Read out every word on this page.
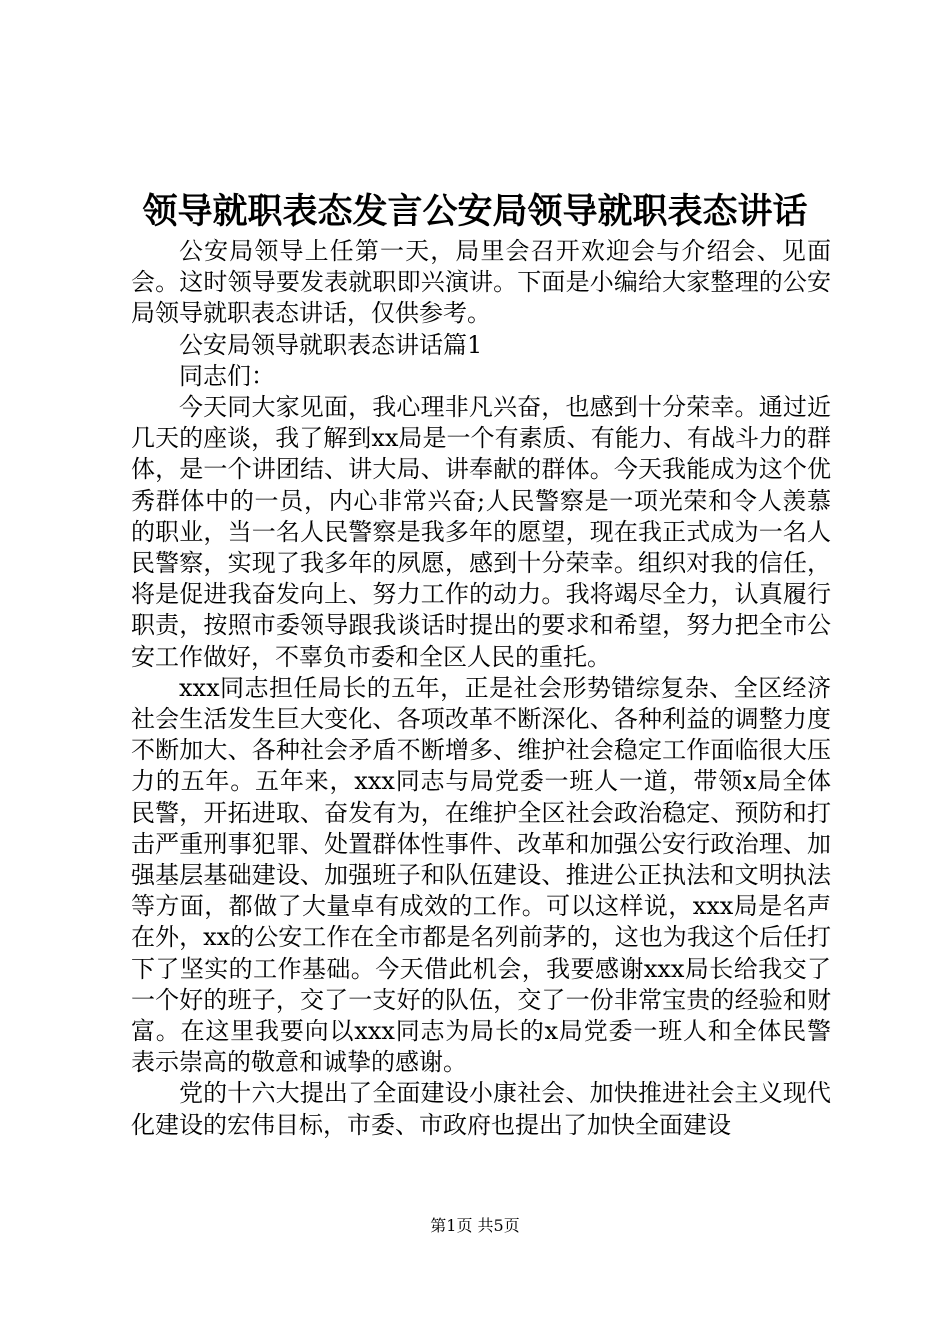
领导就职表态发言公安局领导就职表态讲话

公安局领导上任第一天，局里会召开欢迎会与介绍会、见面会。这时领导要发表就职即兴演讲。下面是小编给大家整理的公安局领导就职表态讲话，仅供参考。

公安局领导就职表态讲话篇1

同志们：

今天同大家见面，我心理非凡兴奋，也感到十分荣幸。通过近几天的座谈，我了解到xx局是一个有素质、有能力、有战斗力的群体，是一个讲团结、讲大局、讲奉献的群体。今天我能成为这个优秀群体中的一员，内心非常兴奋;人民警察是一项光荣和令人羡慕的职业，当一名人民警察是我多年的愿望，现在我正式成为一名人民警察，实现了我多年的夙愿，感到十分荣幸。组织对我的信任，将是促进我奋发向上、努力工作的动力。我将竭尽全力，认真履行职责，按照市委领导跟我谈话时提出的要求和希望，努力把全市公安工作做好，不辜负市委和全区人民的重托。

xxx同志担任局长的五年，正是社会形势错综复杂、全区经济社会生活发生巨大变化、各项改革不断深化、各种利益的调整力度不断加大、各种社会矛盾不断增多、维护社会稳定工作面临很大压力的五年。五年来，xxx同志与局党委一班人一道，带领x局全体民警，开拓进取、奋发有为，在维护全区社会政治稳定、预防和打击严重刑事犯罪、处置群体性事件、改革和加强公安行政治理、加强基层基础建设、加强班子和队伍建设、推进公正执法和文明执法等方面，都做了大量卓有成效的工作。可以这样说，xxx局是名声在外，xx的公安工作在全市都是名列前茅的，这也为我这个后任打下了坚实的工作基础。今天借此机会，我要感谢xxx局长给我交了一个好的班子，交了一支好的队伍，交了一份非常宝贵的经验和财富。在这里我要向以xxx同志为局长的x局党委一班人和全体民警表示崇高的敬意和诚挚的感谢。

党的十六大提出了全面建设小康社会、加快推进社会主义现代化建设的宏伟目标，市委、市政府也提出了加快全面建设

第1页 共5页
